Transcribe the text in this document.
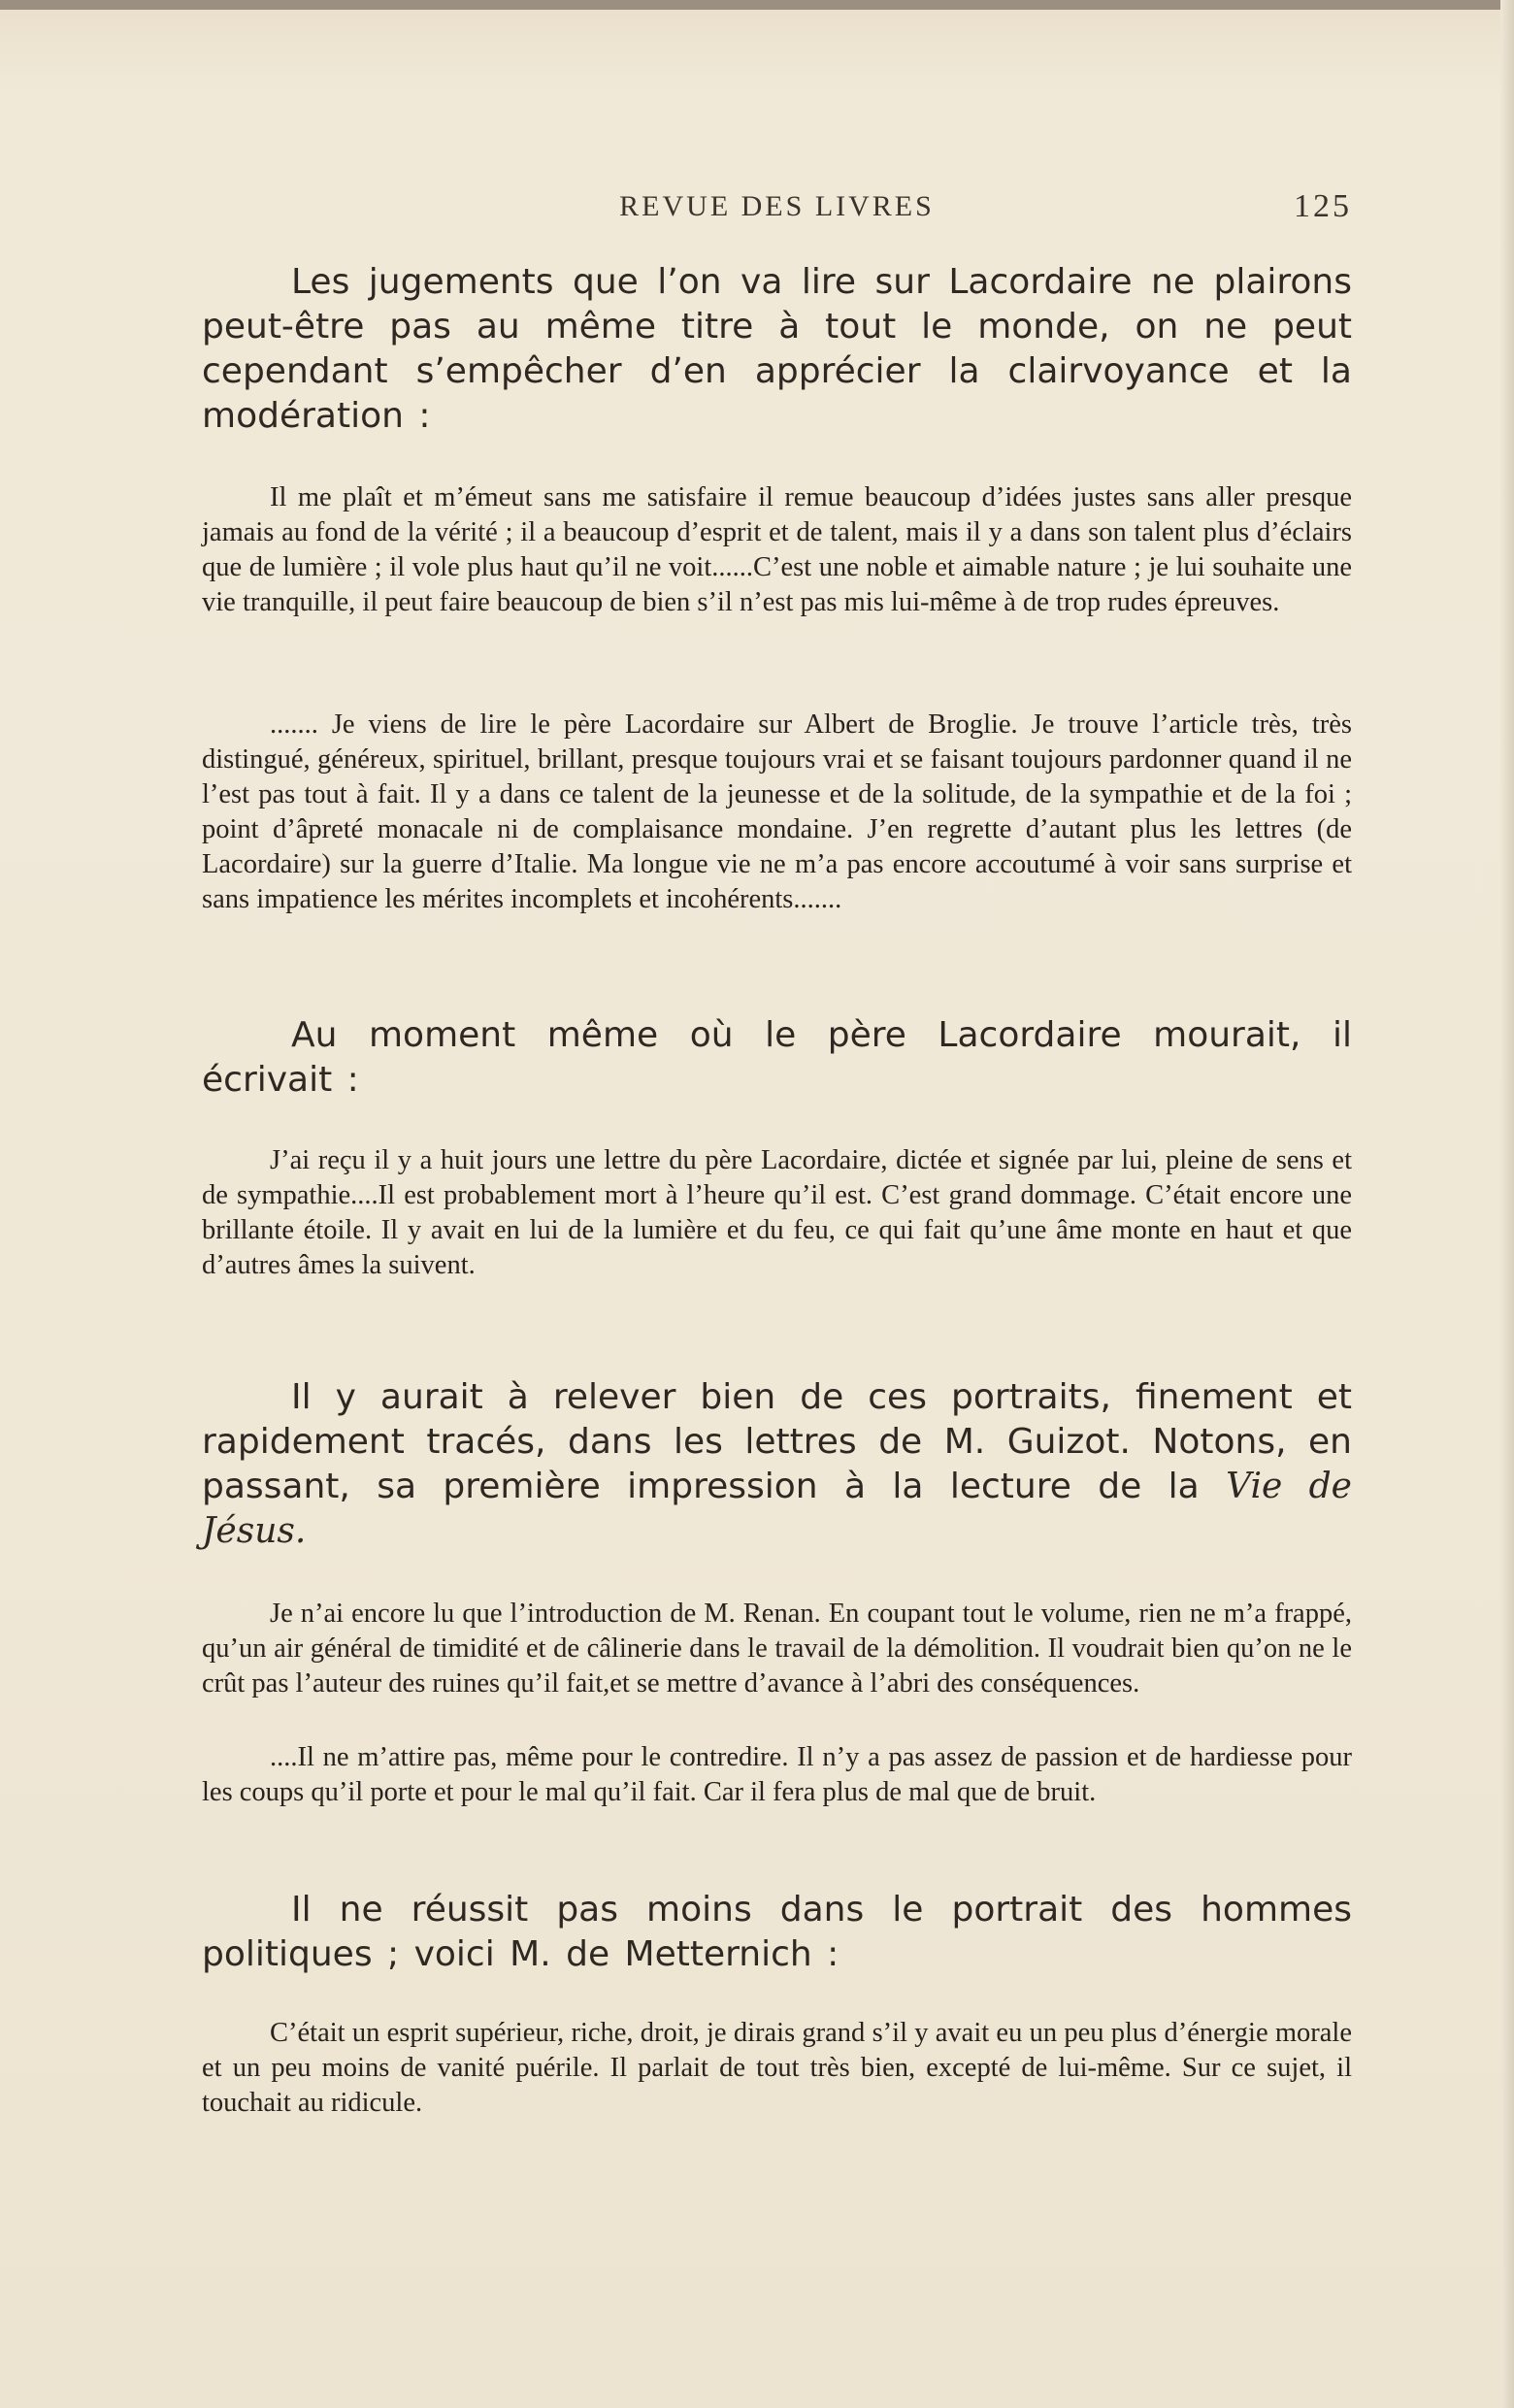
REVUE DES LIVRES	125

Les jugements que l’on va lire sur Lacordaire ne plairons peut-être pas au même titre à tout le monde, on ne peut cependant s’empêcher d’en apprécier la clairvoyance et la modération :

Il me plaît et m’émeut sans me satisfaire il remue beaucoup d’idées justes sans aller presque jamais au fond de la vérité ; il a beaucoup d’esprit et de talent, mais il y a dans son talent plus d’éclairs que de lumière ; il vole plus haut qu’il ne voit......C’est une noble et aimable nature ; je lui souhaite une vie tranquille, il peut faire beaucoup de bien s’il n’est pas mis lui-même à de trop rudes épreuves.

....... Je viens de lire le père Lacordaire sur Albert de Broglie. Je trouve l’article très, très distingué, généreux, spirituel, brillant, presque toujours vrai et se faisant toujours pardonner quand il ne l’est pas tout à fait. Il y a dans ce talent de la jeunesse et de la solitude, de la sympathie et de la foi ; point d’âpreté monacale ni de complaisance mondaine. J’en regrette d’autant plus les lettres (de Lacordaire) sur la guerre d’Italie. Ma longue vie ne m’a pas encore accoutumé à voir sans surprise et sans impatience les mérites incomplets et incohérents.......

Au moment même où le père Lacordaire mourait, il écrivait :

J’ai reçu il y a huit jours une lettre du père Lacordaire, dictée et signée par lui, pleine de sens et de sympathie....Il est probablement mort à l’heure qu’il est. C’est grand dommage. C’était encore une brillante étoile. Il y avait en lui de la lumière et du feu, ce qui fait qu’une âme monte en haut et que d’autres âmes la suivent.

Il y aurait à relever bien de ces portraits, finement et rapidement tracés, dans les lettres de M. Guizot. Notons, en passant, sa première impression à la lecture de la Vie de Jésus.

Je n’ai encore lu que l’introduction de M. Renan. En coupant tout le volume, rien ne m’a frappé, qu’un air général de timidité et de câlinerie dans le travail de la démolition. Il voudrait bien qu’on ne le crût pas l’auteur des ruines qu’il fait,et se mettre d’avance à l’abri des conséquences.

....Il ne m’attire pas, même pour le contredire. Il n’y a pas assez de passion et de hardiesse pour les coups qu’il porte et pour le mal qu’il fait. Car il fera plus de mal que de bruit.

Il ne réussit pas moins dans le portrait des hommes politiques ; voici M. de Metternich :

C’était un esprit supérieur, riche, droit, je dirais grand s’il y avait eu un peu plus d’énergie morale et un peu moins de vanité puérile. Il parlait de tout très bien, excepté de lui-même. Sur ce sujet, il touchait au ridicule.
